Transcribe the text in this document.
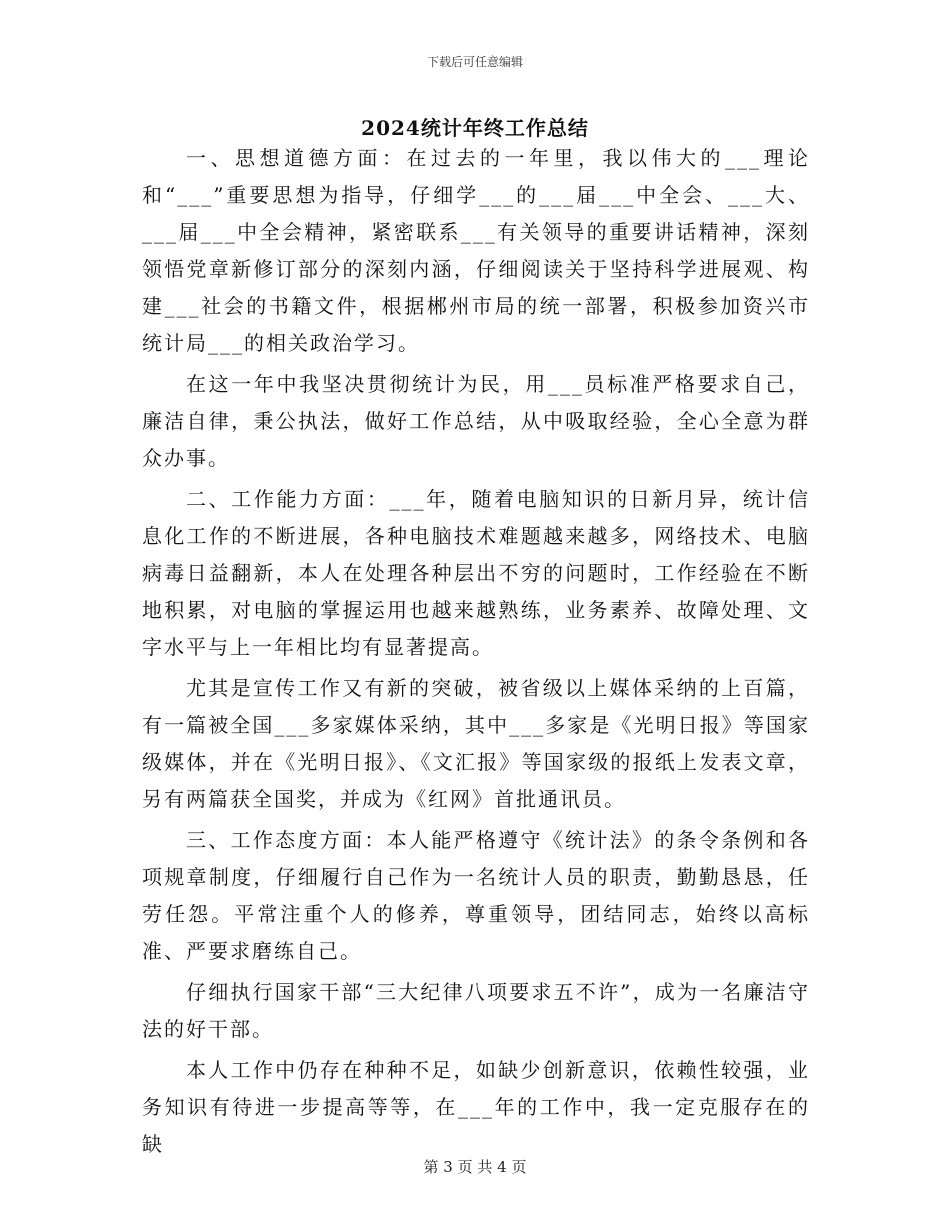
下载后可任意编辑
2024统计年终工作总结

一、思想道德方面：在过去的一年里，我以伟大的___理论和“___”重要思想为指导，仔细学___的___届___中全会、___大、___届___中全会精神，紧密联系___有关领导的重要讲话精神，深刻领悟党章新修订部分的深刻内涵，仔细阅读关于坚持科学进展观、构建___社会的书籍文件，根据郴州市局的统一部署，积极参加资兴市统计局___的相关政治学习。

在这一年中我坚决贯彻统计为民，用___员标准严格要求自己，廉洁自律，秉公执法，做好工作总结，从中吸取经验，全心全意为群众办事。

二、工作能力方面：___年，随着电脑知识的日新月异，统计信息化工作的不断进展，各种电脑技术难题越来越多，网络技术、电脑病毒日益翻新，本人在处理各种层出不穷的问题时，工作经验在不断地积累，对电脑的掌握运用也越来越熟练，业务素养、故障处理、文字水平与上一年相比均有显著提高。

尤其是宣传工作又有新的突破，被省级以上媒体采纳的上百篇，有一篇被全国___多家媒体采纳，其中___多家是《光明日报》等国家级媒体，并在《光明日报》、《文汇报》等国家级的报纸上发表文章，另有两篇获全国奖，并成为《红网》首批通讯员。

三、工作态度方面：本人能严格遵守《统计法》的条令条例和各项规章制度，仔细履行自己作为一名统计人员的职责，勤勤恳恳，任劳任怨。平常注重个人的修养，尊重领导，团结同志，始终以高标准、严要求磨练自己。

仔细执行国家干部“三大纪律八项要求五不许”，成为一名廉洁守法的好干部。

本人工作中仍存在种种不足，如缺少创新意识，依赖性较强，业务知识有待进一步提高等等，在___年的工作中，我一定克服存在的缺

第 3 页 共 4 页
